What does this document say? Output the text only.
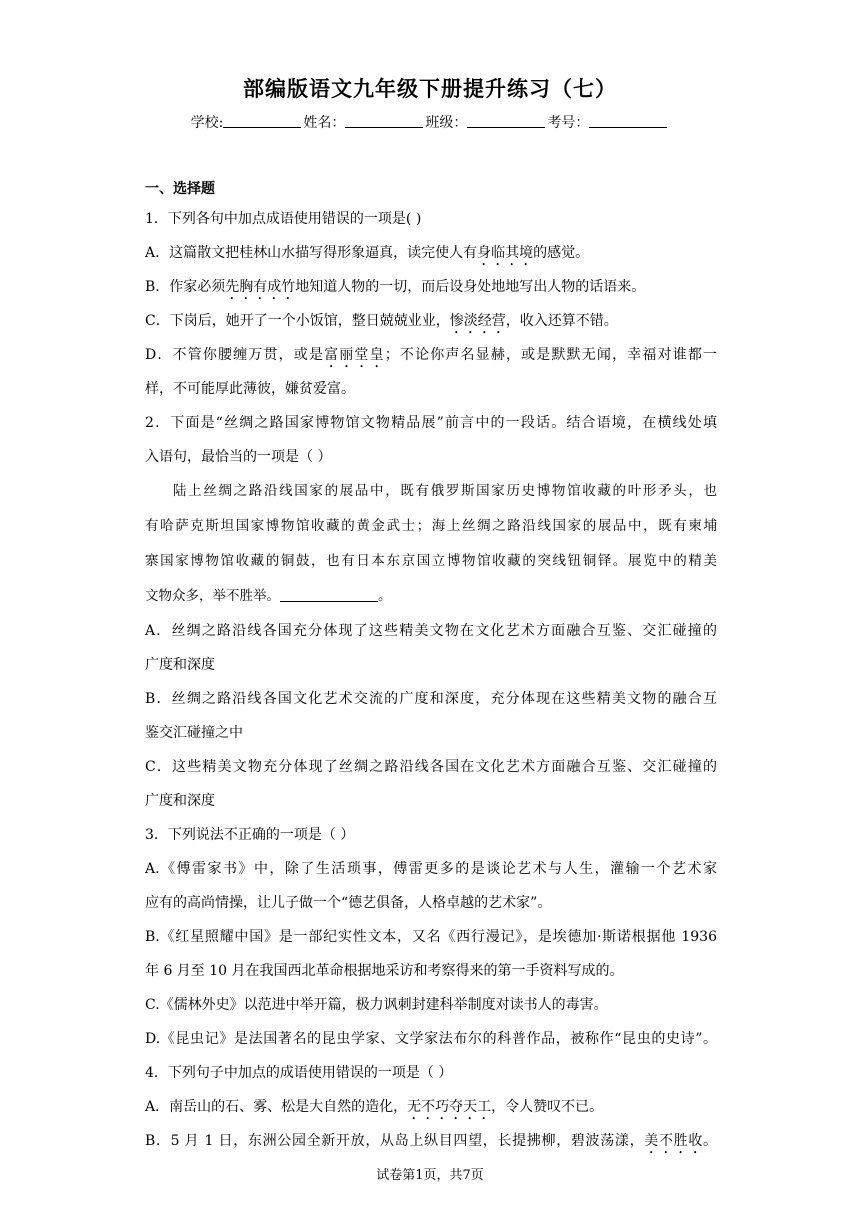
部编版语文九年级下册提升练习（七）
学校:	姓名：	班级：	考号：
一、选择题
1．下列各句中加点成语使用错误的一项是( )
A．这篇散文把桂林山水描写得形象逼真，读完使人有身临其境的感觉。
B．作家必须先胸有成竹地知道人物的一切，而后设身处地地写出人物的话语来。
C．下岗后，她开了一个小饭馆，整日兢兢业业，惨淡经营，收入还算不错。
D．不管你腰缠万贯，或是富丽堂皇；不论你声名显赫，或是默默无闻，幸福对谁都一
样，不可能厚此薄彼，嫌贫爱富。
2．下面是“丝绸之路国家博物馆文物精品展”前言中的一段话。结合语境，在横线处填
入语句，最恰当的一项是（ ）
陆上丝绸之路沿线国家的展品中，既有俄罗斯国家历史博物馆收藏的叶形矛头，也
有哈萨克斯坦国家博物馆收藏的黄金武士；海上丝绸之路沿线国家的展品中，既有柬埔
寨国家博物馆收藏的铜鼓，也有日本东京国立博物馆收藏的突线钮铜铎。展览中的精美
文物众多，举不胜举。	。
A．丝绸之路沿线各国充分体现了这些精美文物在文化艺术方面融合互鉴、交汇碰撞的
广度和深度
B．丝绸之路沿线各国文化艺术交流的广度和深度，充分体现在这些精美文物的融合互
鉴交汇碰撞之中
C．这些精美文物充分体现了丝绸之路沿线各国在文化艺术方面融合互鉴、交汇碰撞的
广度和深度
3．下列说法不正确的一项是（ ）
A.《傅雷家书》中，除了生活琐事，傅雷更多的是谈论艺术与人生，灌输一个艺术家
应有的高尚情操，让儿子做一个“德艺俱备，人格卓越的艺术家”。
B.《红星照耀中国》是一部纪实性文本，又名《西行漫记》，是埃德加·斯诺根据他 1936
年 6 月至 10 月在我国西北革命根据地采访和考察得来的第一手资料写成的。
C.《儒林外史》以范进中举开篇，极力讽刺封建科举制度对读书人的毒害。
D.《昆虫记》是法国著名的昆虫学家、文学家法布尔的科普作品，被称作“昆虫的史诗”。
4．下列句子中加点的成语使用错误的一项是（ ）
A．南岳山的石、雾、松是大自然的造化，无不巧夺天工，令人赞叹不已。
B．5 月 1 日，东洲公园全新开放，从岛上纵目四望，长提拂柳，碧波荡漾，美不胜收。
试卷第1页，共7页
